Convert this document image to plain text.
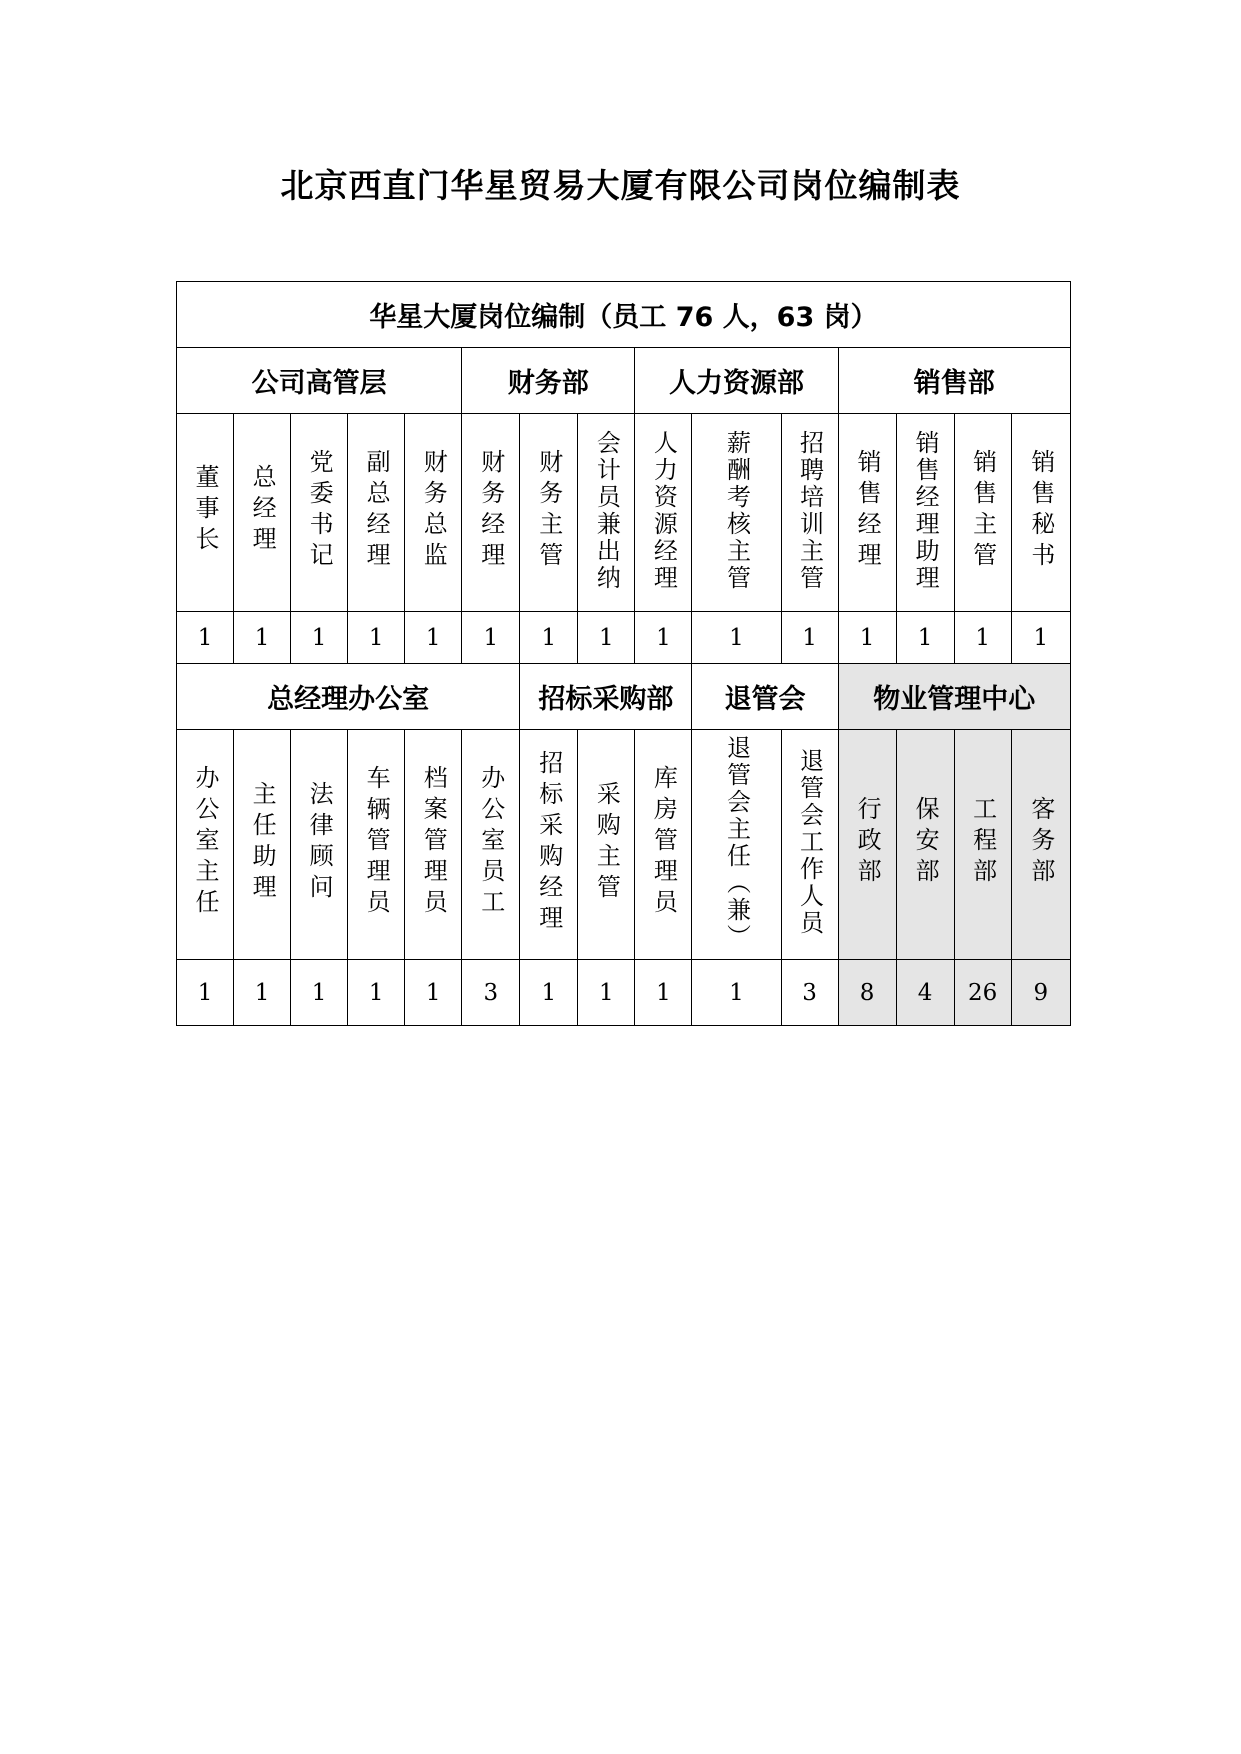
北京西直门华星贸易大厦有限公司岗位编制表
华星大厦岗位编制（员工 76 人，63 岗）														
公司高管层					财务部			人力资源部			销售部			
董事长	总经理	党委书记	副总经理	财务总监	财务经理	财务主管	会计员兼出纳	人力资源经理	薪酬考核主管	招聘培训主管	销售经理	销售经理助理	销售主管	销售秘书
1	1	1	1	1	1	1	1	1	1	1	1	1	1	1
总经理办公室						招标采购部			退管会		物业管理中心			
办公室主任	主任助理	法律顾问	车辆管理员	档案管理员	办公室员工	招标采购经理	采购主管	库房管理员	退管会主任（兼）	退管会工作人员	行政部	保安部	工程部	客务部
1	1	1	1	1	3	1	1	1	1	3	8	4	26	9
